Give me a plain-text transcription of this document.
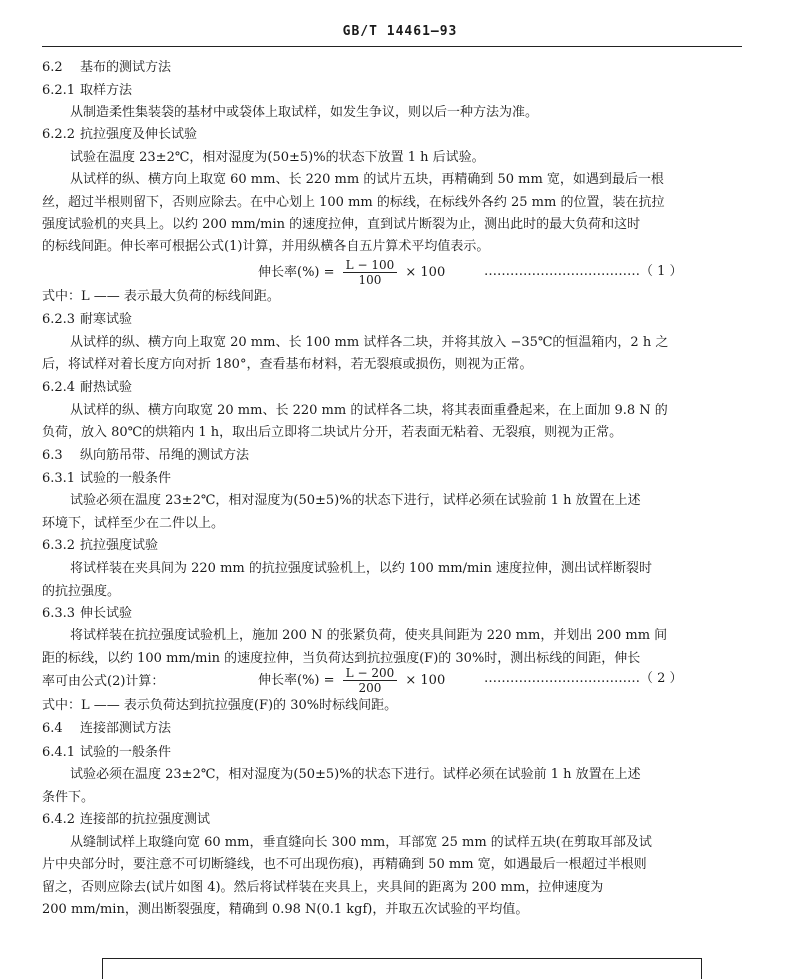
GB/T 14461—93
6.2 基布的测试方法
6.2.1 取样方法
从制造柔性集装袋的基材中或袋体上取试样，如发生争议，则以后一种方法为准。
6.2.2 抗拉强度及伸长试验
试验在温度 23±2℃，相对湿度为(50±5)%的状态下放置 1 h 后试验。
从试样的纵、横方向上取宽 60 mm、长 220 mm 的试片五块，再精确到 50 mm 宽，如遇到最后一根
丝，超过半根则留下，否则应除去。在中心划上 100 mm 的标线，在标线外各约 25 mm 的位置，装在抗拉
强度试验机的夹具上。以约 200 mm/min 的速度拉伸，直到试片断裂为止，测出此时的最大负荷和这时
的标线间距。伸长率可根据公式(1)计算，并用纵横各自五片算术平均值表示。
式中：L —— 表示最大负荷的标线间距。
6.2.3 耐寒试验
从试样的纵、横方向上取宽 20 mm、长 100 mm 试样各二块，并将其放入 −35℃的恒温箱内，2 h 之
后，将试样对着长度方向对折 180°，查看基布材料，若无裂痕或损伤，则视为正常。
6.2.4 耐热试验
从试样的纵、横方向取宽 20 mm、长 220 mm 的试样各二块，将其表面重叠起来，在上面加 9.8 N 的
负荷，放入 80℃的烘箱内 1 h，取出后立即将二块试片分开，若表面无粘着、无裂痕，则视为正常。
6.3 纵向筋吊带、吊绳的测试方法
6.3.1 试验的一般条件
试验必须在温度 23±2℃，相对湿度为(50±5)%的状态下进行，试样必须在试验前 1 h 放置在上述
环境下，试样至少在二件以上。
6.3.2 抗拉强度试验
将试样装在夹具间为 220 mm 的抗拉强度试验机上，以约 100 mm/min 速度拉伸，测出试样断裂时
的抗拉强度。
6.3.3 伸长试验
将试样装在抗拉强度试验机上，施加 200 N 的张紧负荷，使夹具间距为 220 mm，并划出 200 mm 间
距的标线，以约 100 mm/min 的速度拉伸，当负荷达到抗拉强度(F)的 30%时，测出标线的间距，伸长
率可由公式(2)计算：
式中：L —— 表示负荷达到抗拉强度(F)的 30%时标线间距。
6.4 连接部测试方法
6.4.1 试验的一般条件
试验必须在温度 23±2℃，相对湿度为(50±5)%的状态下进行。试样必须在试验前 1 h 放置在上述
条件下。
6.4.2 连接部的抗拉强度测试
从缝制试样上取缝向宽 60 mm，垂直缝向长 300 mm，耳部宽 25 mm 的试样五块(在剪取耳部及试
片中央部分时，要注意不可切断缝线，也不可出现伤痕)，再精确到 50 mm 宽，如遇最后一根超过半根则
留之，否则应除去(试片如图 4)。然后将试样装在夹具上，夹具间的距离为 200 mm，拉伸速度为
200 mm/min，测出断裂强度，精确到 0.98 N(0.1 kgf)，并取五次试验的平均值。
伸长率(%) = $\frac{L - 100}{100} \times 100$	………………………………（ 1 ）
伸长率(%) = $\frac{L - 200}{200} \times 100$	………………………………（ 2 ）
